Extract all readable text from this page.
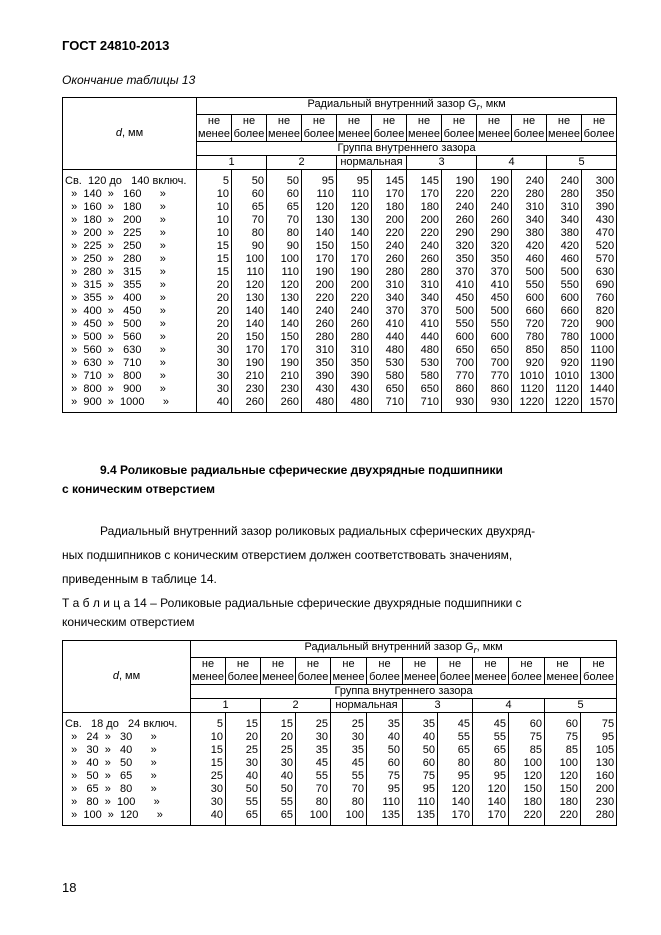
ГОСТ 24810-2013
Окончание таблицы 13
d, мм	Радиальный внутренний зазор $G_r$, мкм											
	не менее	не более	не менее	не более	не менее	не более	не менее	не более	не менее	не более	не менее	не более
	Группа внутреннего зазора											
	1		2		нормальная		3		4		5	
Св.  120 до   140 включ.	5	50	50	95	95	145	145	190	190	240	240	300
»  140  »   160      »	10	60	60	110	110	170	170	220	220	280	280	350
»  160  »   180      »	10	65	65	120	120	180	180	240	240	310	310	390
»  180  »   200      »	10	70	70	130	130	200	200	260	260	340	340	430
»  200  »   225      »	10	80	80	140	140	220	220	290	290	380	380	470
»  225  »   250      »	15	90	90	150	150	240	240	320	320	420	420	520
»  250  »   280      »	15	100	100	170	170	260	260	350	350	460	460	570
»  280  »   315      »	15	110	110	190	190	280	280	370	370	500	500	630
»  315  »   355      »	20	120	120	200	200	310	310	410	410	550	550	690
»  355  »   400      »	20	130	130	220	220	340	340	450	450	600	600	760
»  400  »   450      »	20	140	140	240	240	370	370	500	500	660	660	820
»  450  »   500      »	20	140	140	260	260	410	410	550	550	720	720	900
»  500  »   560      »	20	150	150	280	280	440	440	600	600	780	780	1000
»  560  »   630      »	30	170	170	310	310	480	480	650	650	850	850	1100
»  630  »   710      »	30	190	190	350	350	530	530	700	700	920	920	1190
»  710  »   800      »	30	210	210	390	390	580	580	770	770	1010	1010	1300
»  800  »   900      »	30	230	230	430	430	650	650	860	860	1120	1120	1440
»  900  »  1000      »	40	260	260	480	480	710	710	930	930	1220	1220	1570
9.4 Роликовые радиальные сферические двухрядные подшипники
с коническим отверстием
Радиальный внутренний зазор роликовых радиальных сферических двухряд-
ных подшипников с коническим отверстием должен соответствовать значениям,
приведенным в таблице 14.
Т а б л и ц а 14 – Роликовые радиальные сферические двухрядные подшипники с
коническим отверстием
d, мм	Радиальный внутренний зазор $G_r$, мкм											
	не менее	не более	не менее	не более	не менее	не более	не менее	не более	не менее	не более	не менее	не более
	Группа внутреннего зазора											
	1		2		нормальная		3		4		5	
Св.   18 до   24 включ.	5	15	15	25	25	35	35	45	45	60	60	75
»   24  »   30      »	10	20	20	30	30	40	40	55	55	75	75	95
»   30  »   40      »	15	25	25	35	35	50	50	65	65	85	85	105
»   40  »   50      »	15	30	30	45	45	60	60	80	80	100	100	130
»   50  »   65      »	25	40	40	55	55	75	75	95	95	120	120	160
»   65  »   80      »	30	50	50	70	70	95	95	120	120	150	150	200
»   80  »  100      »	30	55	55	80	80	110	110	140	140	180	180	230
»  100  »  120      »	40	65	65	100	100	135	135	170	170	220	220	280
18
